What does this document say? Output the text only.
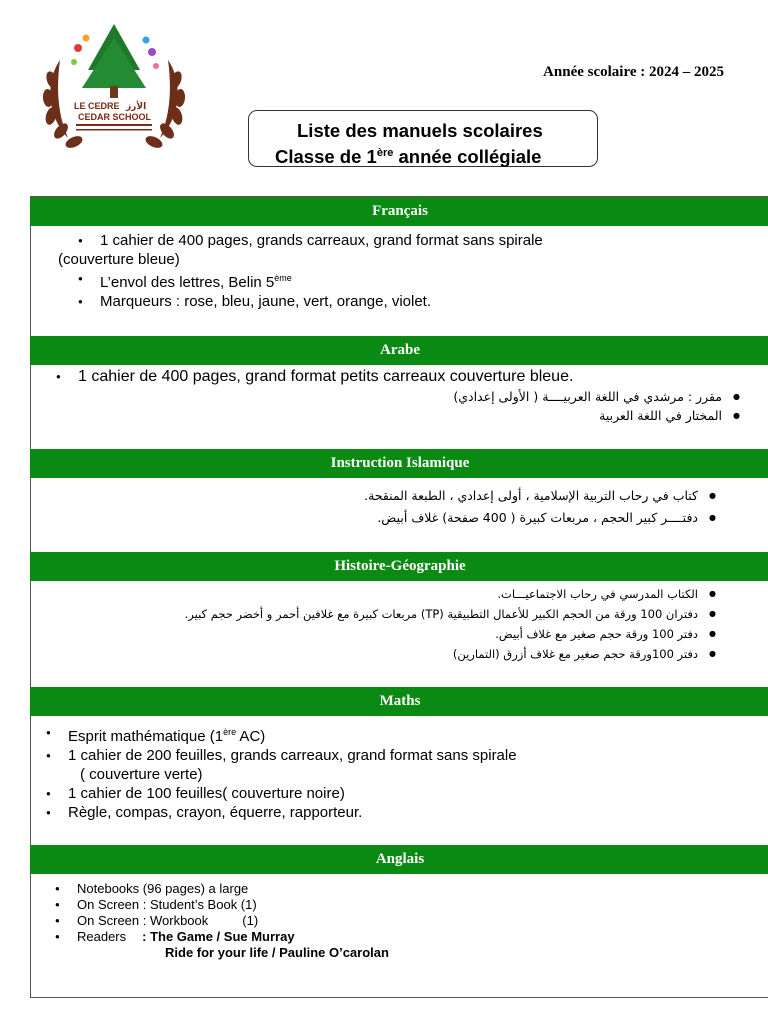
LE CEDRE الأرز
CEDAR SCHOOL
Année scolaire : 2024 – 2025
Liste des manuels scolaires
Classe de 1ère année collégiale
Français
● 1 cahier de 400 pages, grands carreaux, grand format sans spirale
(couverture bleue)
● L’envol des lettres, Belin 5ème
● Marqueurs : rose, bleu, jaune, vert, orange, violet.
Arabe
● 1 cahier de 400 pages, grand format petits carreaux couverture bleue.
● مقرر : مرشدي في اللغة العربيــــة ( الأولى إعدادي)
● المختار في اللغة العربية
Instruction Islamique
● كتاب في رحاب التربية الإسلامية ، أولى إعدادي ، الطبعة المنقحة.
● دفتــــر كبير الحجم ، مربعات كبيرة ( 400 صفحة) غلاف أبيض.
Histoire-Géographie
● الكتاب المدرسي في رحاب الاجتماعيـــات.
● دفتران 100 ورقة من الحجم الكبير للأعمال التطبيقية (TP) مربعات كبيرة مع غلافين أحمر و أخضر حجم كبير.
● دفتر 100 ورقة حجم صغير مع غلاف أبيض.
● دفتر 100ورقة حجم صغير مع غلاف أزرق (التمارين)
Maths
● Esprit mathématique (1ère AC)
● 1 cahier de 200 feuilles, grands carreaux, grand format sans spirale
( couverture verte)
● 1 cahier de 100 feuilles( couverture noire)
● Règle, compas, crayon, équerre, rapporteur.
Anglais
● Notebooks (96 pages) a large
● On Screen : Student’s Book (1)
● On Screen : Workbook	(1)
● Readers : The Game / Sue Murray
Ride for your life / Pauline O’carolan
